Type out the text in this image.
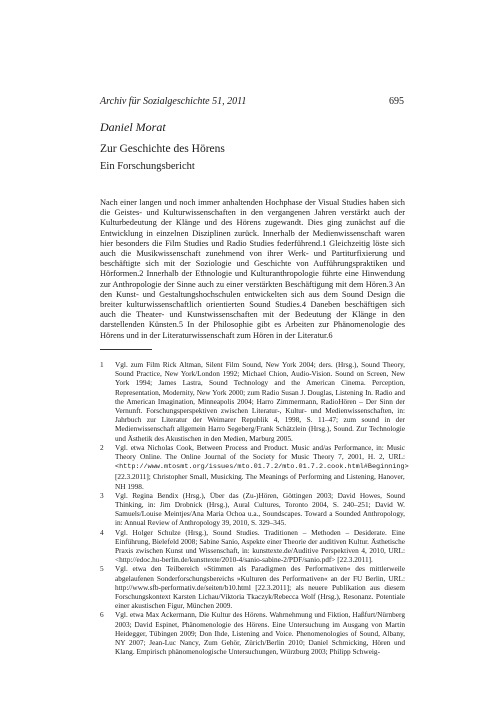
Archiv für Sozialgeschichte 51, 2011	695
Daniel Morat
Zur Geschichte des Hörens
Ein Forschungsbericht

Nach einer langen und noch immer anhaltenden Hochphase der Visual Studies haben sich die Geistes- und Kulturwissenschaften in den vergangenen Jahren verstärkt auch der Kulturbedeutung der Klänge und des Hörens zugewandt. Dies ging zunächst auf die Entwicklung in einzelnen Disziplinen zurück. Innerhalb der Medienwissenschaft waren hier besonders die Film Studies und Radio Studies federführend.1 Gleichzeitig löste sich auch die Musikwissenschaft zunehmend von ihrer Werk- und Partiturfixierung und beschäftigte sich mit der Soziologie und Geschichte von Aufführungspraktiken und Hörformen.2 Innerhalb der Ethnologie und Kulturanthropologie führte eine Hinwendung zur Anthropologie der Sinne auch zu einer verstärkten Beschäftigung mit dem Hören.3 An den Kunst- und Gestaltungshochschulen entwickelten sich aus dem Sound Design die breiter kulturwissenschaftlich orientierten Sound Studies.4 Daneben beschäftigen sich auch die Theater- und Kunstwissenschaften mit der Bedeutung der Klänge in den darstellenden Künsten.5 In der Philosophie gibt es Arbeiten zur Phänomenologie des Hörens und in der Literaturwissenschaft zum Hören in der Literatur.6

1 Vgl. zum Film Rick Altman, Silent Film Sound, New York 2004; ders. (Hrsg.), Sound Theory, Sound Practice, New York/London 1992; Michael Chion, Audio-Vision. Sound on Screen, New York 1994; James Lastra, Sound Technology and the American Cinema. Perception, Representation, Modernity, New York 2000; zum Radio Susan J. Douglas, Listening In. Radio and the American Imagination, Minneapolis 2004; Harro Zimmermann, RadioHören – Der Sinn der Vernunft. Forschungsperspektiven zwischen Literatur-, Kultur- und Medienwissenschaften, in: Jahrbuch zur Literatur der Weimarer Republik 4, 1998, S. 11–47; zum sound in der Medienwissenschaft allgemein Harro Segeberg/Frank Schätzlein (Hrsg.), Sound. Zur Technologie und Ästhetik des Akustischen in den Medien, Marburg 2005.
2 Vgl. etwa Nicholas Cook, Between Process and Product. Music and/as Performance, in: Music Theory Online. The Online Journal of the Society for Music Theory 7, 2001, H. 2, URL: <http://www.mtosmt.org/issues/mto.01.7.2/mto.01.7.2.cook.html#Beginning> [22.3.2011]; Christopher Small, Musicking. The Meanings of Performing and Listening, Hanover, NH 1998.
3 Vgl. Regina Bendix (Hrsg.), Über das (Zu-)Hören, Göttingen 2003; David Howes, Sound Thinking, in: Jim Drobnick (Hrsg.), Aural Cultures, Toronto 2004, S. 240–251; David W. Samuels/Louise Meintjes/Ana Maria Ochoa u.a., Soundscapes. Toward a Sounded Anthropology, in: Annual Review of Anthropology 39, 2010, S. 329–345.
4 Vgl. Holger Schulze (Hrsg.), Sound Studies. Traditionen – Methoden – Desiderate. Eine Einführung, Bielefeld 2008; Sabine Sanio, Aspekte einer Theorie der auditiven Kultur. Ästhetische Praxis zwischen Kunst und Wissenschaft, in: kunsttexte.de/Auditive Perspektiven 4, 2010, URL: <http://edoc.hu-berlin.de/kunsttexte/2010-4/sanio-sabine-2/PDF/sanio.pdf> [22.3.2011].
5 Vgl. etwa den Teilbereich »Stimmen als Paradigmen des Performativen« des mittlerweile abgelaufenen Sonderforschungsbereichs »Kulturen des Performativen« an der FU Berlin, URL: http://www.sfb-performativ.de/seiten/b10.html [22.3.2011]; als neuere Publikation aus diesem Forschungskontext Karsten Lichau/Viktoria Tkaczyk/Rebecca Wolf (Hrsg.), Resonanz. Potentiale einer akustischen Figur, München 2009.
6 Vgl. etwa Max Ackermann, Die Kultur des Hörens. Wahrnehmung und Fiktion, Haßfurt/Nürnberg 2003; David Espinet, Phänomenologie des Hörens. Eine Untersuchung im Ausgang von Martin Heidegger, Tübingen 2009; Don Ihde, Listening and Voice. Phenomenologies of Sound, Albany, NY 2007; Jean-Luc Nancy, Zum Gehör, Zürich/Berlin 2010; Daniel Schmicking, Hören und Klang. Empirisch phänomenologische Untersuchungen, Würzburg 2003; Philipp Schweig-
